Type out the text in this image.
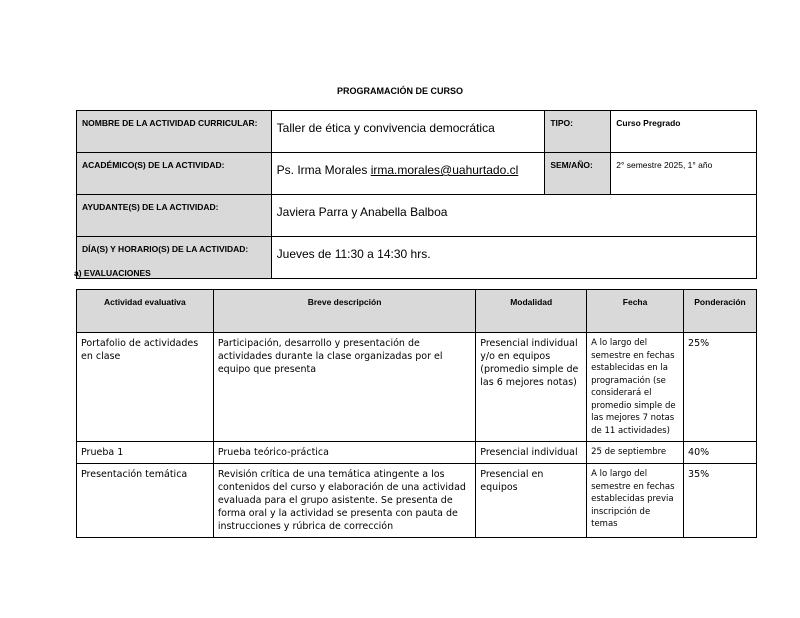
PROGRAMACIÓN DE CURSO
NOMBRE DE LA ACTIVIDAD CURRICULAR:	Taller de ética y convivencia democrática	TIPO:	Curso Pregrado
ACADÉMICO(S) DE LA ACTIVIDAD:	Ps. Irma Morales irma.morales@uahurtado.cl	SEM/AÑO:	2° semestre 2025, 1° año
AYUDANTE(S) DE LA ACTIVIDAD:	Javiera Parra y Anabella Balboa		
DÍA(S) Y HORARIO(S) DE LA ACTIVIDAD:	Jueves de 11:30 a 14:30 hrs.		
a) EVALUACIONES
Actividad evaluativa	Breve descripción	Modalidad	Fecha	Ponderación
Portafolio de actividades en clase	Participación, desarrollo y presentación de actividades durante la clase organizadas por el equipo que presenta	Presencial individual y/o en equipos (promedio simple de las 6 mejores notas)	A lo largo del semestre en fechas establecidas en la programación (se considerará el promedio simple de las mejores 7 notas de 11 actividades)	25%
Prueba 1	Prueba teórico-práctica	Presencial individual	25 de septiembre	40%
Presentación temática	Revisión crítica de una temática atingente a los contenidos del curso y elaboración de una actividad evaluada para el grupo asistente. Se presenta de forma oral y la actividad se presenta con pauta de instrucciones y rúbrica de corrección	Presencial en equipos	A lo largo del semestre en fechas establecidas previa inscripción de temas	35%
